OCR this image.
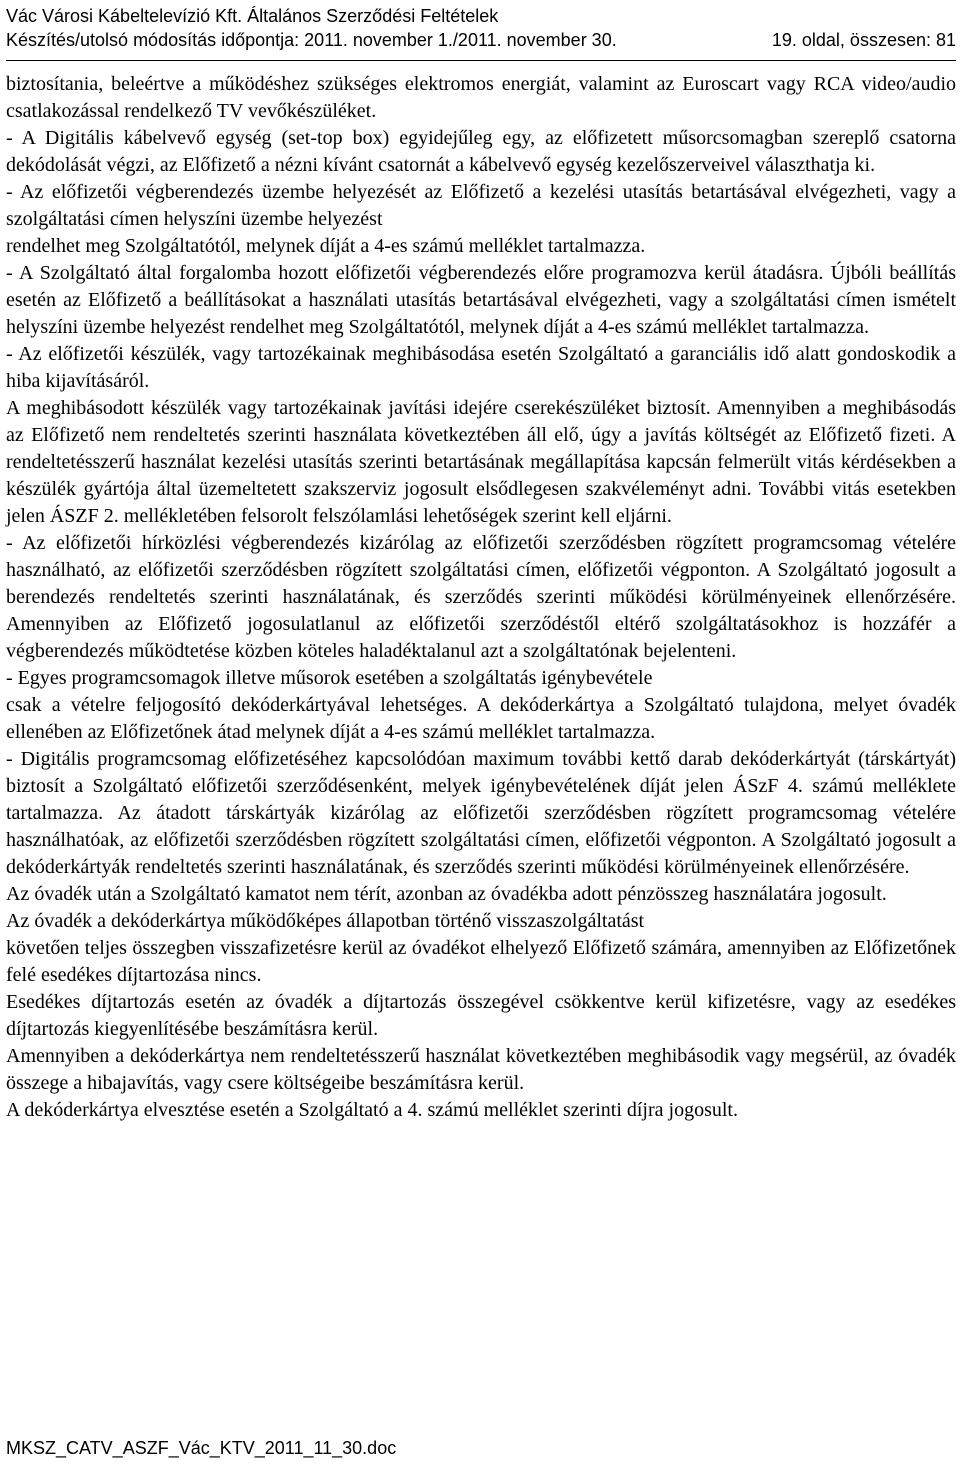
Vác Városi Kábeltelevízió Kft. Általános Szerződési Feltételek
Készítés/utolsó módosítás időpontja: 2011. november 1./2011. november 30.	19. oldal, összesen: 81

biztosítania, beleértve a működéshez szükséges elektromos energiát, valamint az Euroscart vagy RCA video/audio csatlakozással rendelkező TV vevőkészüléket.

- A Digitális kábelvevő egység (set-top box) egyidejűleg egy, az előfizetett műsorcsomagban szereplő csatorna dekódolását végzi, az Előfizető a nézni kívánt csatornát a kábelvevő egység kezelőszerveivel választhatja ki.

- Az előfizetői végberendezés üzembe helyezését az Előfizető a kezelési utasítás betartásával elvégezheti, vagy a szolgáltatási címen helyszíni üzembe helyezést

rendelhet meg Szolgáltatótól, melynek díját a 4-es számú melléklet tartalmazza.

- A Szolgáltató által forgalomba hozott előfizetői végberendezés előre programozva kerül átadásra. Újbóli beállítás esetén az Előfizető a beállításokat a használati utasítás betartásával elvégezheti, vagy a szolgáltatási címen ismételt helyszíni üzembe helyezést rendelhet meg Szolgáltatótól, melynek díját a 4-es számú melléklet tartalmazza.

- Az előfizetői készülék, vagy tartozékainak meghibásodása esetén Szolgáltató a garanciális idő alatt gondoskodik a hiba kijavításáról.

A meghibásodott készülék vagy tartozékainak javítási idejére cserekészüléket biztosít. Amennyiben a meghibásodás az Előfizető nem rendeltetés szerinti használata következtében áll elő, úgy a javítás költségét az Előfizető fizeti. A rendeltetésszerű használat kezelési utasítás szerinti betartásának megállapítása kapcsán felmerült vitás kérdésekben a készülék gyártója által üzemeltetett szakszerviz jogosult elsődlegesen szakvéleményt adni. További vitás esetekben jelen ÁSZF 2. mellékletében felsorolt felszólamlási lehetőségek szerint kell eljárni.

- Az előfizetői hírközlési végberendezés kizárólag az előfizetői szerződésben rögzített programcsomag vételére használható, az előfizetői szerződésben rögzített szolgáltatási címen, előfizetői végponton. A Szolgáltató jogosult a berendezés rendeltetés szerinti használatának, és szerződés szerinti működési körülményeinek ellenőrzésére. Amennyiben az Előfizető jogosulatlanul az előfizetői szerződéstől eltérő szolgáltatásokhoz is hozzáfér a végberendezés működtetése közben köteles haladéktalanul azt a szolgáltatónak bejelenteni.

- Egyes programcsomagok illetve műsorok esetében a szolgáltatás igénybevétele

csak a vételre feljogosító dekóderkártyával lehetséges. A dekóderkártya a Szolgáltató tulajdona, melyet óvadék ellenében az Előfizetőnek átad melynek díját a 4-es számú melléklet tartalmazza.

- Digitális programcsomag előfizetéséhez kapcsolódóan maximum további kettő darab dekóderkártyát (társkártyát) biztosít a Szolgáltató előfizetői szerződésenként, melyek igénybevételének díját jelen ÁSzF 4. számú melléklete tartalmazza. Az átadott társkártyák kizárólag az előfizetői szerződésben rögzített programcsomag vételére használhatóak, az előfizetői szerződésben rögzített szolgáltatási címen, előfizetői végponton. A Szolgáltató jogosult a dekóderkártyák rendeltetés szerinti használatának, és szerződés szerinti működési körülményeinek ellenőrzésére.

Az óvadék után a Szolgáltató kamatot nem térít, azonban az óvadékba adott pénzösszeg használatára jogosult.

Az óvadék a dekóderkártya működőképes állapotban történő visszaszolgáltatást

követően teljes összegben visszafizetésre kerül az óvadékot elhelyező Előfizető számára, amennyiben az Előfizetőnek felé esedékes díjtartozása nincs.

Esedékes díjtartozás esetén az óvadék a díjtartozás összegével csökkentve kerül kifizetésre, vagy az esedékes díjtartozás kiegyenlítésébe beszámításra kerül.

Amennyiben a dekóderkártya nem rendeltetésszerű használat következtében meghibásodik vagy megsérül, az óvadék összege a hibajavítás, vagy csere költségeibe beszámításra kerül.

A dekóderkártya elvesztése esetén a Szolgáltató a 4. számú melléklet szerinti díjra jogosult.

MKSZ_CATV_ASZF_Vác_KTV_2011_11_30.doc
